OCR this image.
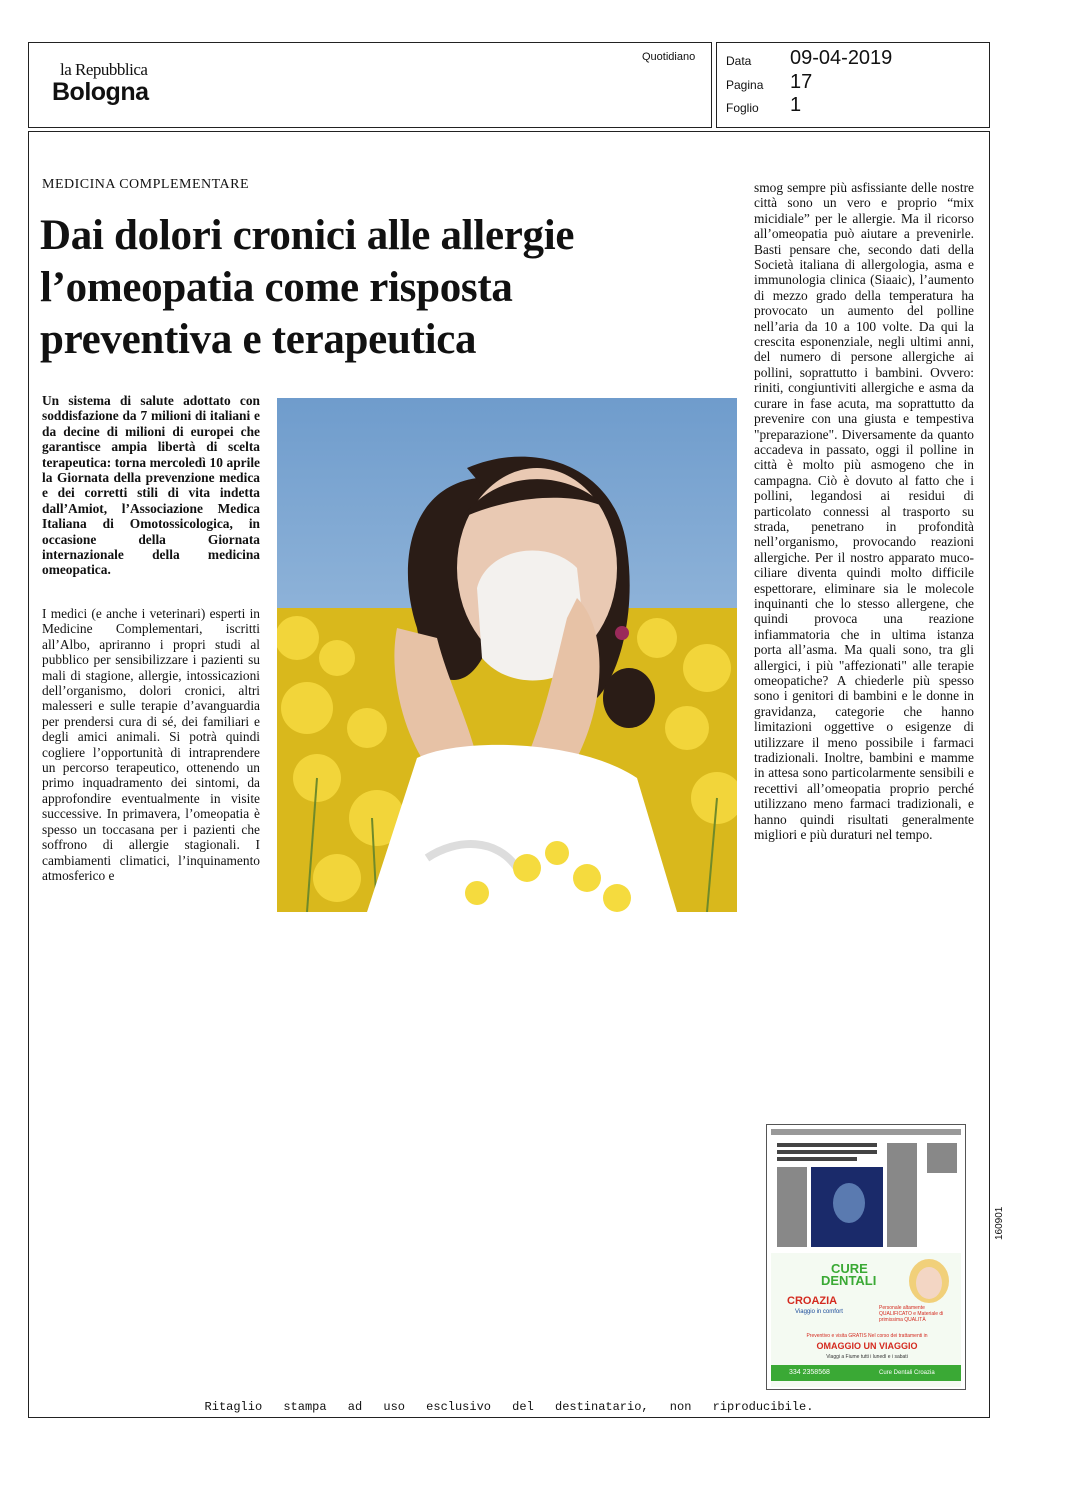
la Repubblica
Bologna
Quotidiano	Data 09-04-2019
Pagina 17
Foglio 1
MEDICINA COMPLEMENTARE
Dai dolori cronici alle allergie
l’omeopatia come risposta
preventiva e terapeutica
Un sistema di salute adottato con soddisfazione da 7 milioni di italiani e da decine di milioni di europei che garantisce ampia libertà di scelta terapeutica: torna mercoledì 10 aprile la Giornata della prevenzione medica e dei corretti stili di vita indetta dall’Amiot, l’Associazione Medica Italiana di Omotossicologica, in occasione della Giornata internazionale della medicina omeopatica.
I medici (e anche i veterinari) esperti in Medicine Complementari, iscritti all’Albo, apriranno i propri studi al pubblico per sensibilizzare i pazienti su mali di stagione, allergie, intossicazioni dell’organismo, dolori cronici, altri malesseri e sulle terapie d’avanguardia per prendersi cura di sé, dei familiari e degli amici animali. Si potrà quindi cogliere l’opportunità di intraprendere un percorso terapeutico, ottenendo un primo inquadramento dei sintomi, da approfondire eventualmente in visite successive. In primavera, l’omeopatia è spesso un toccasana per i pazienti che soffrono di allergie stagionali. I cambiamenti climatici, l’inquinamento atmosferico e
smog sempre più asfissiante delle nostre città sono un vero e proprio “mix micidiale” per le allergie. Ma il ricorso all’omeopatia può aiutare a prevenirle. Basti pensare che, secondo dati della Società italiana di allergologia, asma e immunologia clinica (Siaaic), l’aumento di mezzo grado della temperatura ha provocato un aumento del polline nell’aria da 10 a 100 volte. Da qui la crescita esponenziale, negli ultimi anni, del numero di persone allergiche ai pollini, soprattutto i bambini. Ovvero: riniti, congiuntiviti allergiche e asma da curare in fase acuta, ma soprattutto da prevenire con una giusta e tempestiva "preparazione". Diversamente da quanto accadeva in passato, oggi il polline in città è molto più asmogeno che in campagna. Ciò è dovuto al fatto che i pollini, legandosi ai residui di particolato connessi al trasporto su strada, penetrano in profondità nell’organismo, provocando reazioni allergiche. Per il nostro apparato muco-ciliare diventa quindi molto difficile espettorare, eliminare sia le molecole inquinanti che lo stesso allergene, che quindi provoca una reazione infiammatoria che in ultima istanza porta all’asma. Ma quali sono, tra gli allergici, i più "affezionati" alle terapie omeopatiche? A chiederle più spesso sono i genitori di bambini e le donne in gravidanza, categorie che hanno limitazioni oggettive o esigenze di utilizzare il meno possibile i farmaci tradizionali. Inoltre, bambini e mamme in attesa sono particolarmente sensibili e recettivi all’omeopatia proprio perché utilizzano meno farmaci tradizionali, e hanno quindi risultati generalmente migliori e più duraturi nel tempo.
CURE
DENTALI
CROAZIA
Viaggio in comfort
Personale altamente QUALIFICATO e Materiale di primissima QUALITÀ
Preventivo e visita GRATIS Nel corso dei trattamenti in
OMAGGIO UN VIAGGIO
Viaggi a Fiume tutti i lunedì e i sabati
334 2358568	Cure Dentali Croazia
160901
Ritaglio stampa ad uso esclusivo del destinatario, non riproducibile.
